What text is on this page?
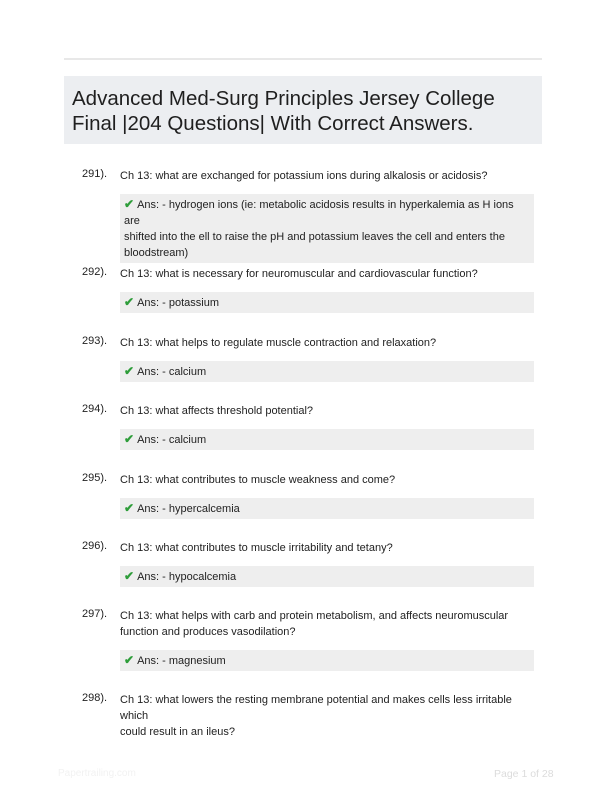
Advanced Med-Surg Principles Jersey College
Final |204 Questions| With Correct Answers.
291). Ch 13: what are exchanged for potassium ions during alkalosis or acidosis?
✔ Ans: - hydrogen ions (ie: metabolic acidosis results in hyperkalemia as H ions are
shifted into the ell to raise the pH and potassium leaves the cell and enters the
bloodstream)
292). Ch 13: what is necessary for neuromuscular and cardiovascular function?
✔ Ans: - potassium
293). Ch 13: what helps to regulate muscle contraction and relaxation?
✔ Ans: - calcium
294). Ch 13: what affects threshold potential?
✔ Ans: - calcium
295). Ch 13: what contributes to muscle weakness and come?
✔ Ans: - hypercalcemia
296). Ch 13: what contributes to muscle irritability and tetany?
✔ Ans: - hypocalcemia
297). Ch 13: what helps with carb and protein metabolism, and affects neuromuscular
function and produces vasodilation?
✔ Ans: - magnesium
298). Ch 13: what lowers the resting membrane potential and makes cells less irritable which
could result in an ileus?
Papertrailing.com	Page 1 of 28
